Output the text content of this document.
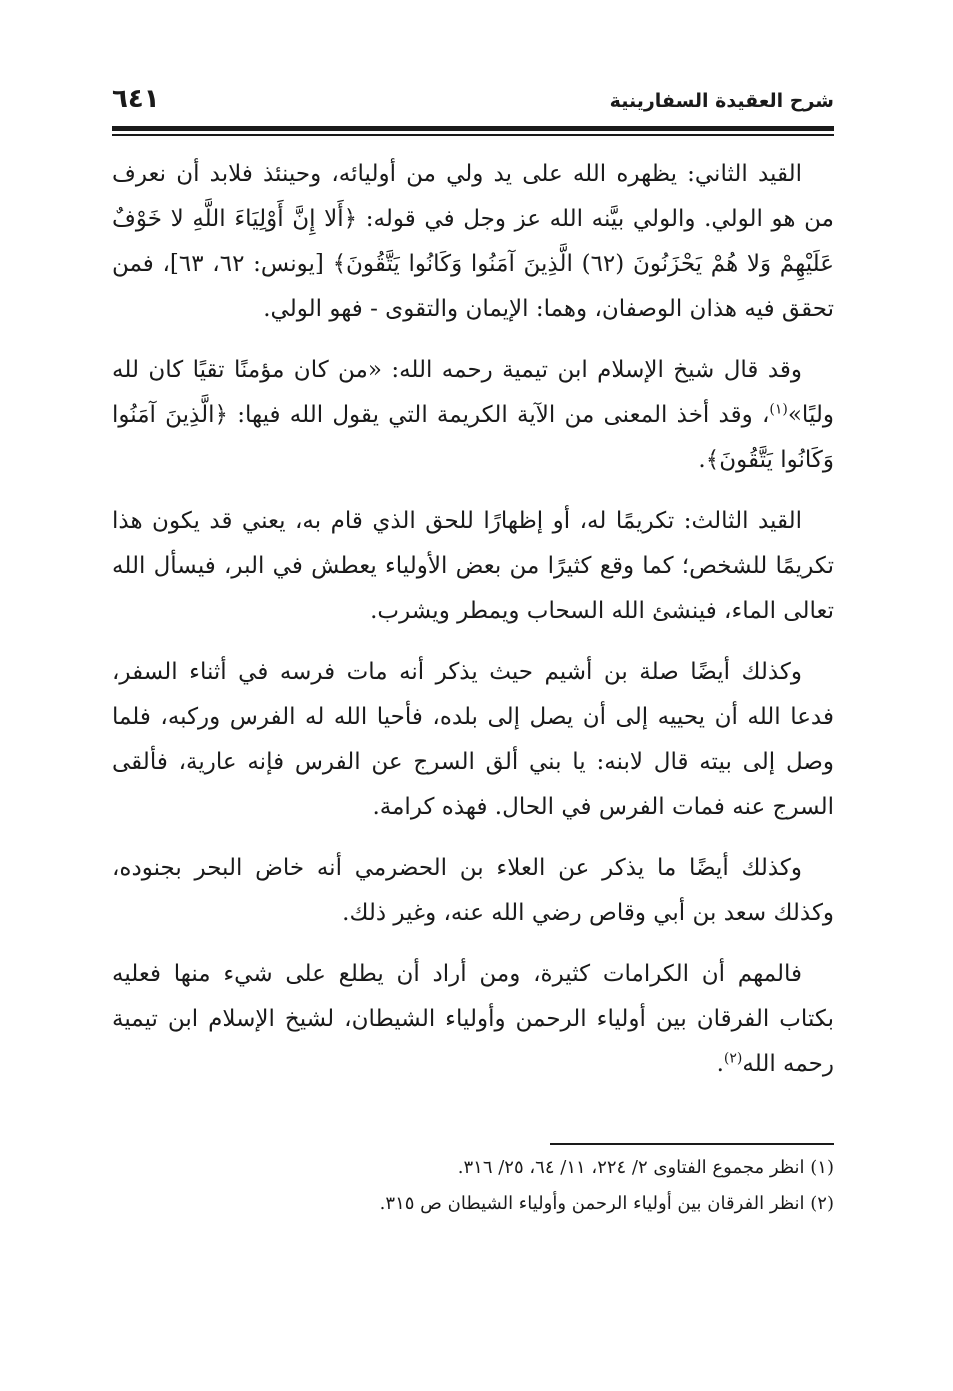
شرح العقيدة السفارينية
٦٤١

القيد الثاني: يظهره الله على يد ولي من أوليائه، وحينئذ فلابد أن نعرف من هو الولي. والولي بيَّنه الله عز وجل في قوله: ﴿أَلا إِنَّ أَوْلِيَاءَ اللَّهِ لا خَوْفٌ عَلَيْهِمْ وَلا هُمْ يَحْزَنُونَ (٦٢) الَّذِينَ آمَنُوا وَكَانُوا يَتَّقُونَ﴾ [يونس: ٦٢، ٦٣]، فمن تحقق فيه هذان الوصفان، وهما: الإيمان والتقوى - فهو الولي.

وقد قال شيخ الإسلام ابن تيمية رحمه الله: «من كان مؤمنًا تقيًا كان لله وليًا»$^{(١)}$، وقد أخذ المعنى من الآية الكريمة التي يقول الله فيها: ﴿الَّذِينَ آمَنُوا وَكَانُوا يَتَّقُونَ﴾.

القيد الثالث: تكريمًا له، أو إظهارًا للحق الذي قام به، يعني قد يكون هذا تكريمًا للشخص؛ كما وقع كثيرًا من بعض الأولياء يعطش في البر، فيسأل الله تعالى الماء، فينشئ الله السحاب ويمطر ويشرب.

وكذلك أيضًا صلة بن أشيم حيث يذكر أنه مات فرسه في أثناء السفر، فدعا الله أن يحييه إلى أن يصل إلى بلده، فأحيا الله له الفرس وركبه، فلما وصل إلى بيته قال لابنه: يا بني ألق السرج عن الفرس فإنه عارية، فألقى السرج عنه فمات الفرس في الحال. فهذه كرامة.

وكذلك أيضًا ما يذكر عن العلاء بن الحضرمي أنه خاض البحر بجنوده، وكذلك سعد بن أبي وقاص رضي الله عنه، وغير ذلك.

فالمهم أن الكرامات كثيرة، ومن أراد أن يطلع على شيء منها فعليه بكتاب الفرقان بين أولياء الرحمن وأولياء الشيطان، لشيخ الإسلام ابن تيمية رحمه الله$^{(٢)}$.

(١) انظر مجموع الفتاوى ٢/ ٢٢٤، ١١/ ٦٤، ٢٥/ ٣١٦.
(٢) انظر الفرقان بين أولياء الرحمن وأولياء الشيطان ص ٣١٥.
